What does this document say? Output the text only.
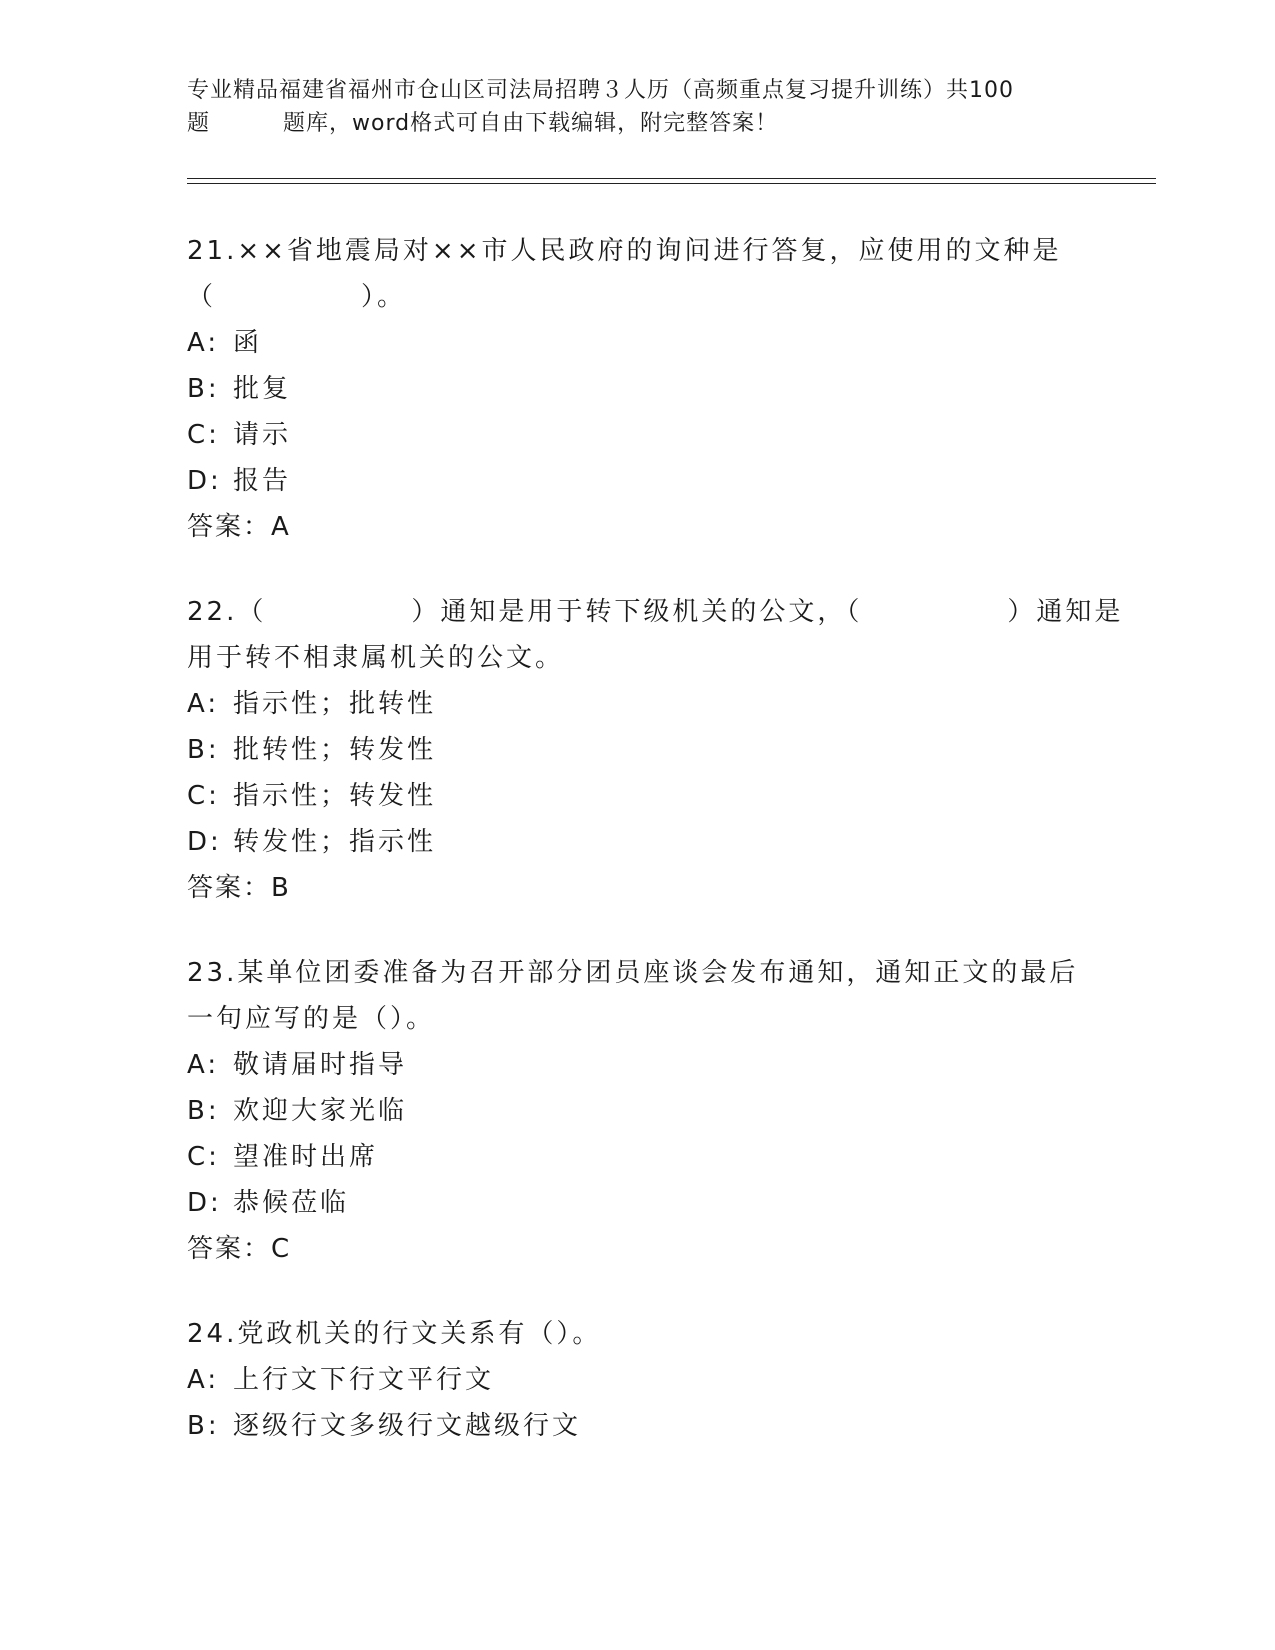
专业精品福建省福州市仓山区司法局招聘３人历（高频重点复习提升训练）共100
题	题库，word格式可自由下载编辑，附完整答案！
21.××省地震局对××市人民政府的询问进行答复，应使用的文种是
（　　　　　）。
A: 函
B: 批复
C: 请示
D: 报告
答案：A
22.（　　　　　）通知是用于转下级机关的公文，（　　　　　）通知是
用于转不相隶属机关的公文。
A: 指示性；批转性
B: 批转性；转发性
C: 指示性；转发性
D: 转发性；指示性
答案：B
23.某单位团委准备为召开部分团员座谈会发布通知，通知正文的最后
一句应写的是（）。
A: 敬请届时指导
B: 欢迎大家光临
C: 望准时出席
D: 恭候莅临
答案：C
24.党政机关的行文关系有（）。
A: 上行文下行文平行文
B: 逐级行文多级行文越级行文
